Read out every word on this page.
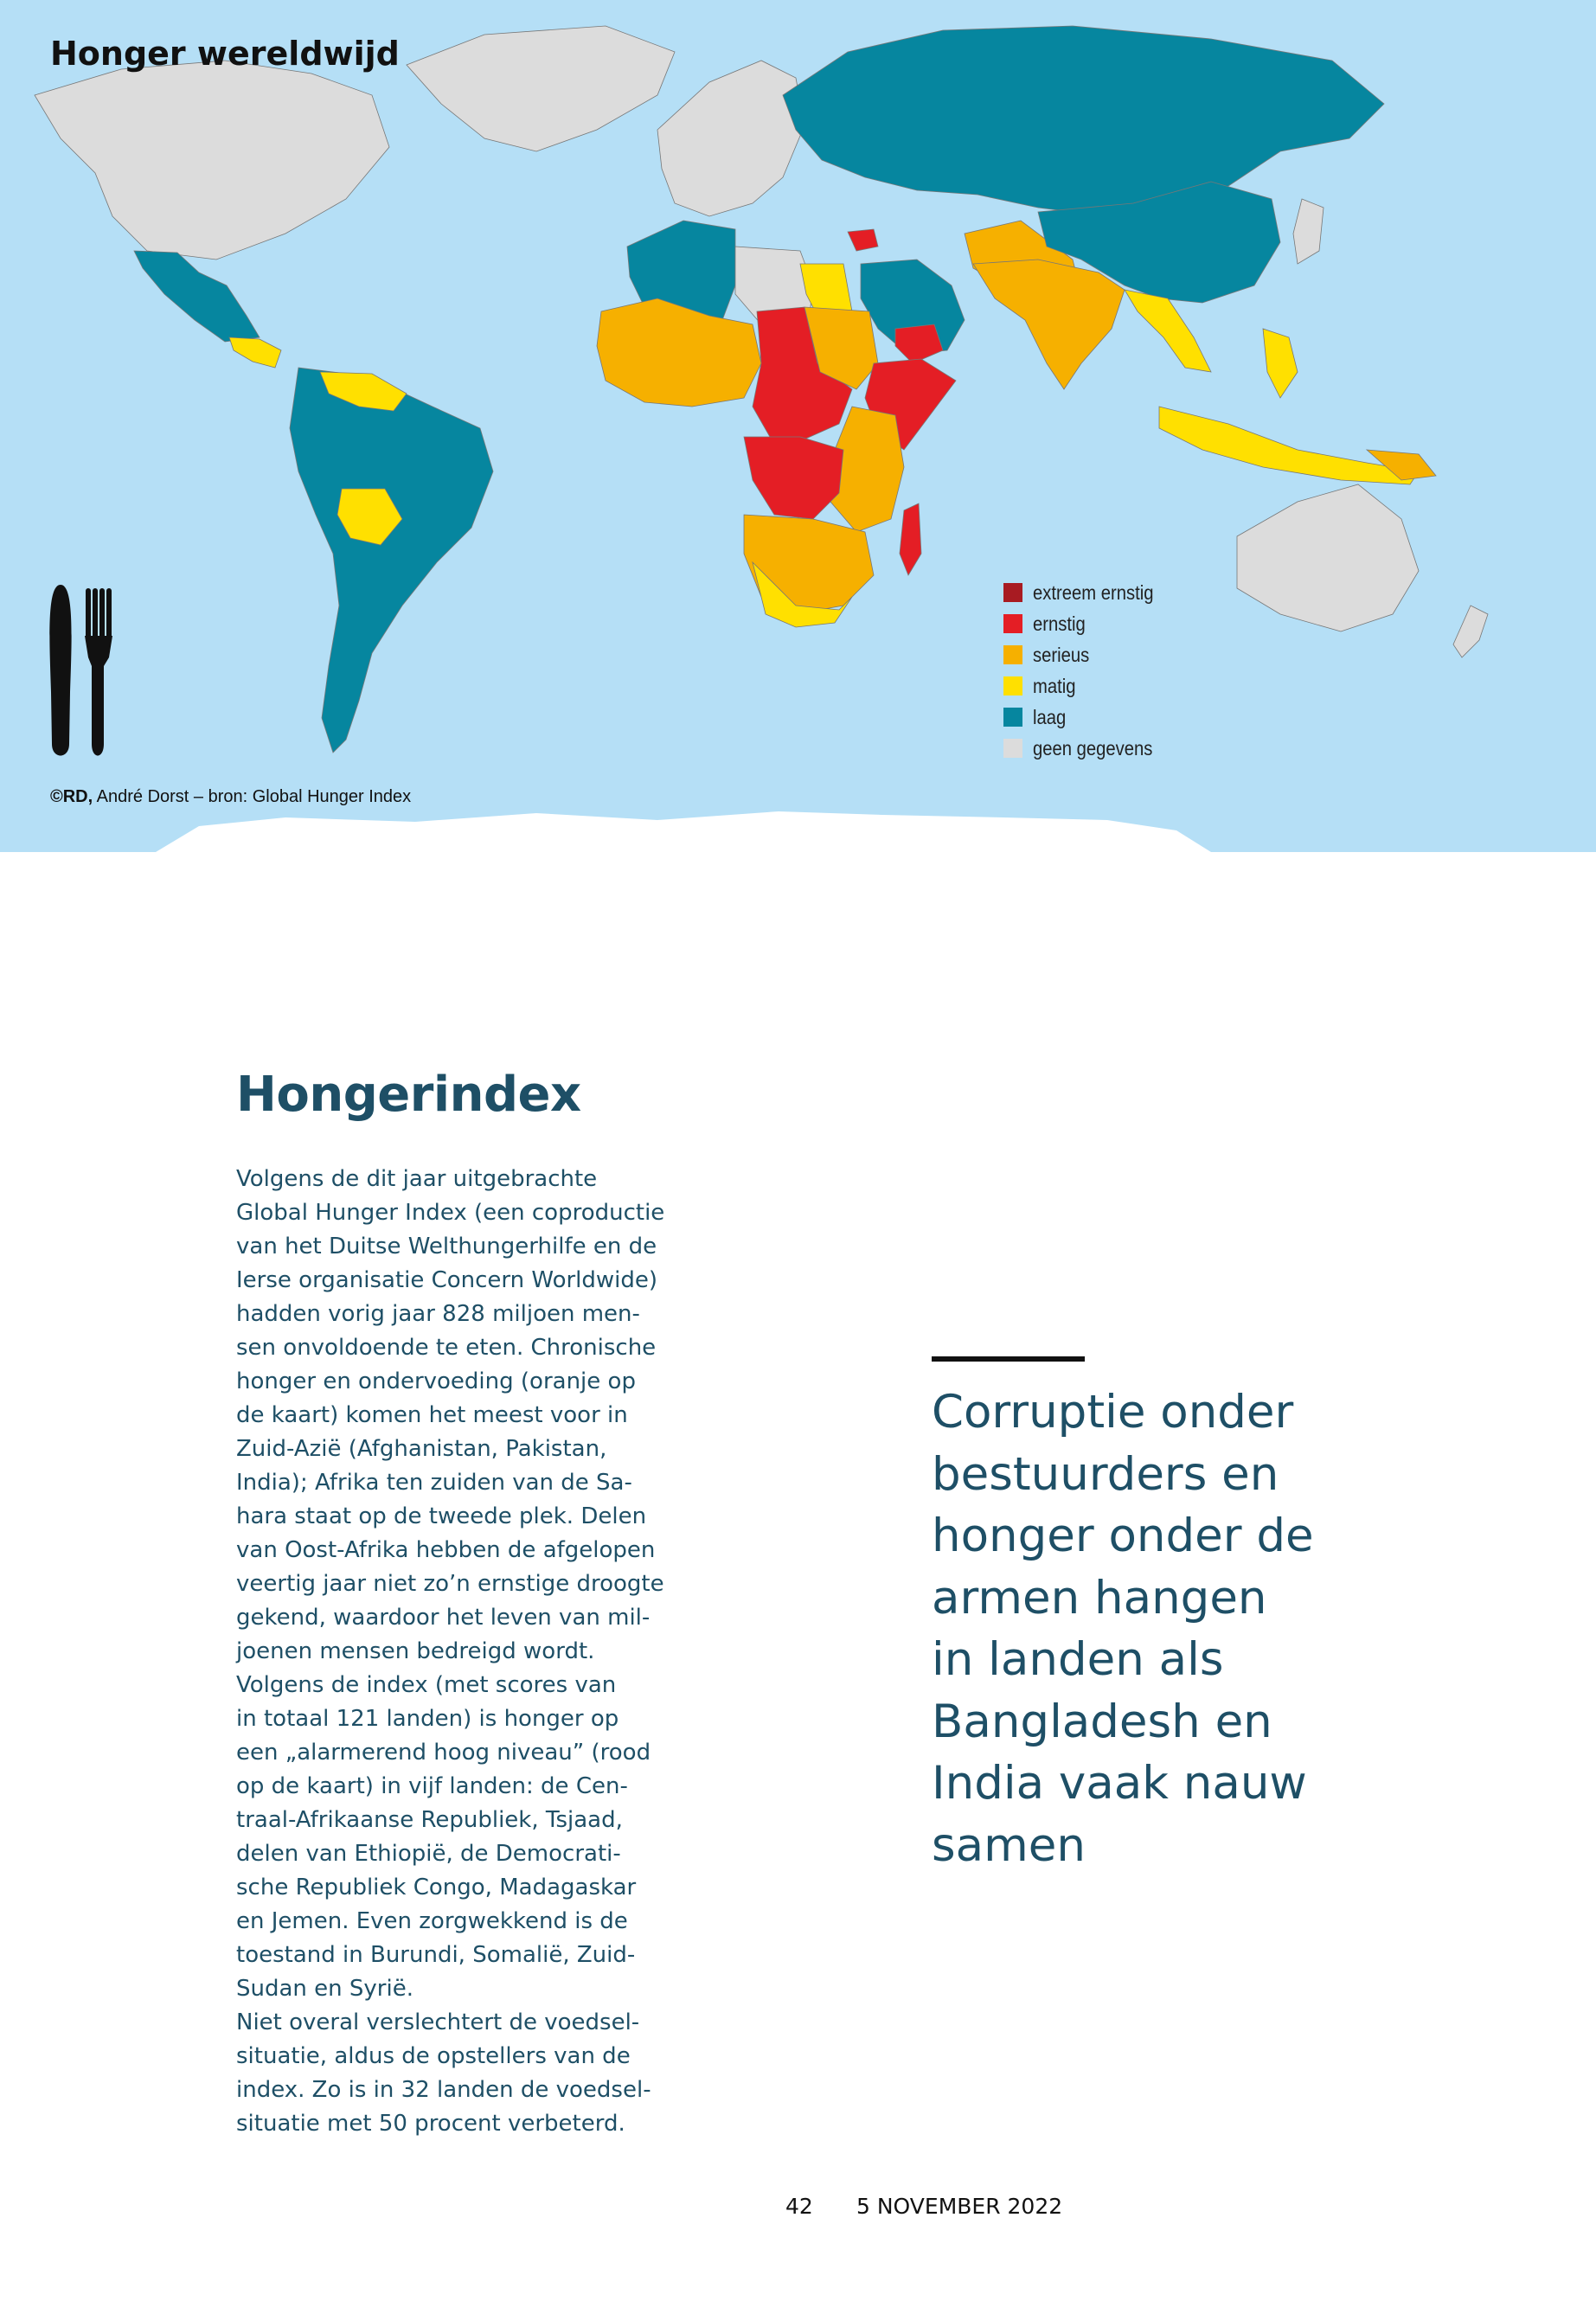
Honger wereldwijd
extreem ernstig
ernstig
serieus
matig
laag
geen gegevens
©RD, André Dorst – bron: Global Hunger Index
Hongerindex
Volgens de dit jaar uitgebrachte
Global Hunger Index (een coproductie
van het Duitse Welthungerhilfe en de
Ierse organisatie Concern Worldwide)
hadden vorig jaar 828 miljoen men-
sen onvoldoende te eten. Chronische
honger en ondervoeding (oranje op
de kaart) komen het meest voor in
Zuid-Azië (Afghanistan, Pakistan,
India); Afrika ten zuiden van de Sa-
hara staat op de tweede plek. Delen
van Oost-Afrika hebben de afgelopen
veertig jaar niet zo’n ernstige droogte
gekend, waardoor het leven van mil-
joenen mensen bedreigd wordt.
Volgens de index (met scores van
in totaal 121 landen) is honger op
een „alarmerend hoog niveau” (rood
op de kaart) in vijf landen: de Cen-
traal-Afrikaanse Republiek, Tsjaad,
delen van Ethiopië, de Democrati-
sche Republiek Congo, Madagaskar
en Jemen. Even zorgwekkend is de
toestand in Burundi, Somalië, Zuid-
Sudan en Syrië.
Niet overal verslechtert de voedsel-
situatie, aldus de opstellers van de
index. Zo is in 32 landen de voedsel-
situatie met 50 procent verbeterd.
Corruptie onder
bestuurders en
honger onder de
armen hangen
in landen als
Bangladesh en
India vaak nauw
samen
42 5 NOVEMBER 2022
